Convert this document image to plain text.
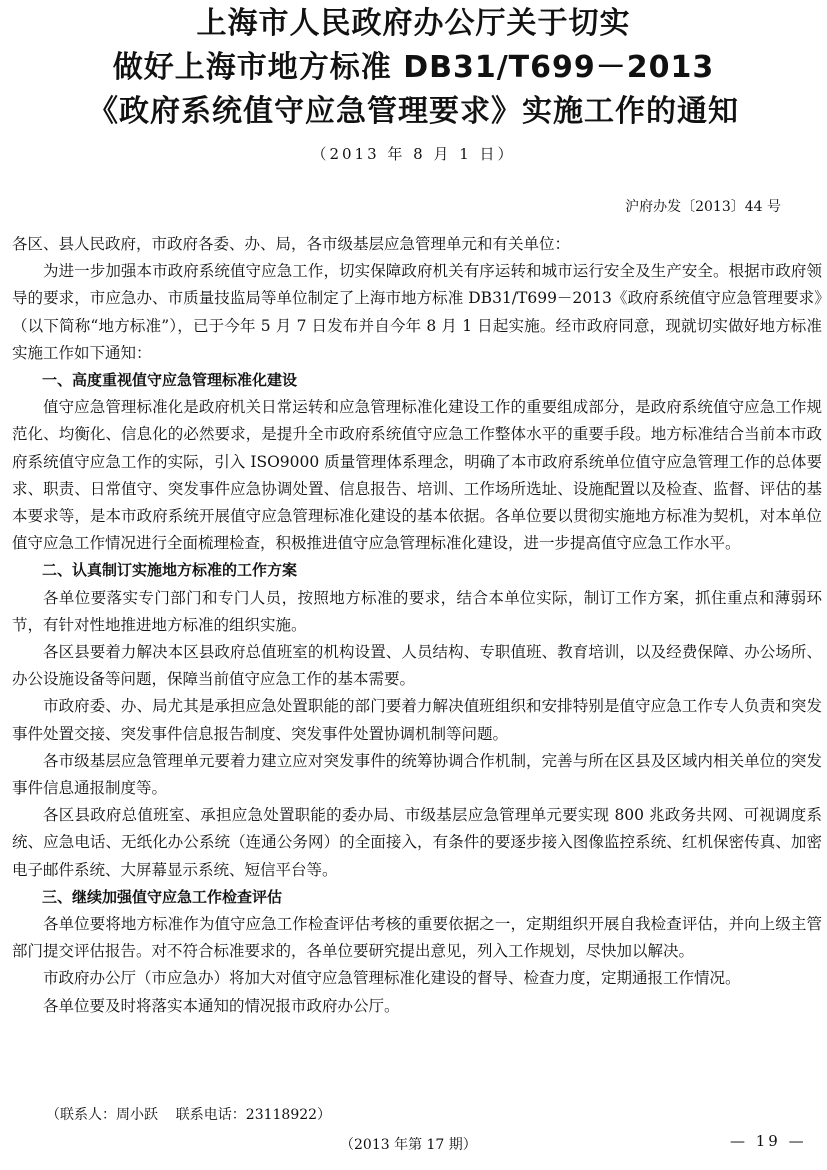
上海市人民政府办公厅关于切实
做好上海市地方标准 DB31/T699－2013
《政府系统值守应急管理要求》实施工作的通知
（2013 年 8 月 1 日）
沪府办发〔2013〕44 号

各区、县人民政府，市政府各委、办、局，各市级基层应急管理单元和有关单位：

为进一步加强本市政府系统值守应急工作，切实保障政府机关有序运转和城市运行安全及生产安全。根据市政府领导的要求，市应急办、市质量技监局等单位制定了上海市地方标准 DB31/T699－2013《政府系统值守应急管理要求》（以下简称“地方标准”），已于今年 5 月 7 日发布并自今年 8 月 1 日起实施。经市政府同意，现就切实做好地方标准实施工作如下通知：

一、高度重视值守应急管理标准化建设

值守应急管理标准化是政府机关日常运转和应急管理标准化建设工作的重要组成部分，是政府系统值守应急工作规范化、均衡化、信息化的必然要求，是提升全市政府系统值守应急工作整体水平的重要手段。地方标准结合当前本市政府系统值守应急工作的实际，引入 ISO9000 质量管理体系理念，明确了本市政府系统单位值守应急管理工作的总体要求、职责、日常值守、突发事件应急协调处置、信息报告、培训、工作场所选址、设施配置以及检查、监督、评估的基本要求等，是本市政府系统开展值守应急管理标准化建设的基本依据。各单位要以贯彻实施地方标准为契机，对本单位值守应急工作情况进行全面梳理检查，积极推进值守应急管理标准化建设，进一步提高值守应急工作水平。

二、认真制订实施地方标准的工作方案

各单位要落实专门部门和专门人员，按照地方标准的要求，结合本单位实际，制订工作方案，抓住重点和薄弱环节，有针对性地推进地方标准的组织实施。

各区县要着力解决本区县政府总值班室的机构设置、人员结构、专职值班、教育培训，以及经费保障、办公场所、办公设施设备等问题，保障当前值守应急工作的基本需要。

市政府委、办、局尤其是承担应急处置职能的部门要着力解决值班组织和安排特别是值守应急工作专人负责和突发事件处置交接、突发事件信息报告制度、突发事件处置协调机制等问题。

各市级基层应急管理单元要着力建立应对突发事件的统筹协调合作机制，完善与所在区县及区域内相关单位的突发事件信息通报制度等。

各区县政府总值班室、承担应急处置职能的委办局、市级基层应急管理单元要实现 800 兆政务共网、可视调度系统、应急电话、无纸化办公系统（连通公务网）的全面接入，有条件的要逐步接入图像监控系统、红机保密传真、加密电子邮件系统、大屏幕显示系统、短信平台等。

三、继续加强值守应急工作检查评估

各单位要将地方标准作为值守应急工作检查评估考核的重要依据之一，定期组织开展自我检查评估，并向上级主管部门提交评估报告。对不符合标准要求的，各单位要研究提出意见，列入工作规划，尽快加以解决。

市政府办公厅（市应急办）将加大对值守应急管理标准化建设的督导、检查力度，定期通报工作情况。

各单位要及时将落实本通知的情况报市政府办公厅。

（联系人：周小跃    联系电话：23118922）
（2013 年第 17 期）	— 19 —
